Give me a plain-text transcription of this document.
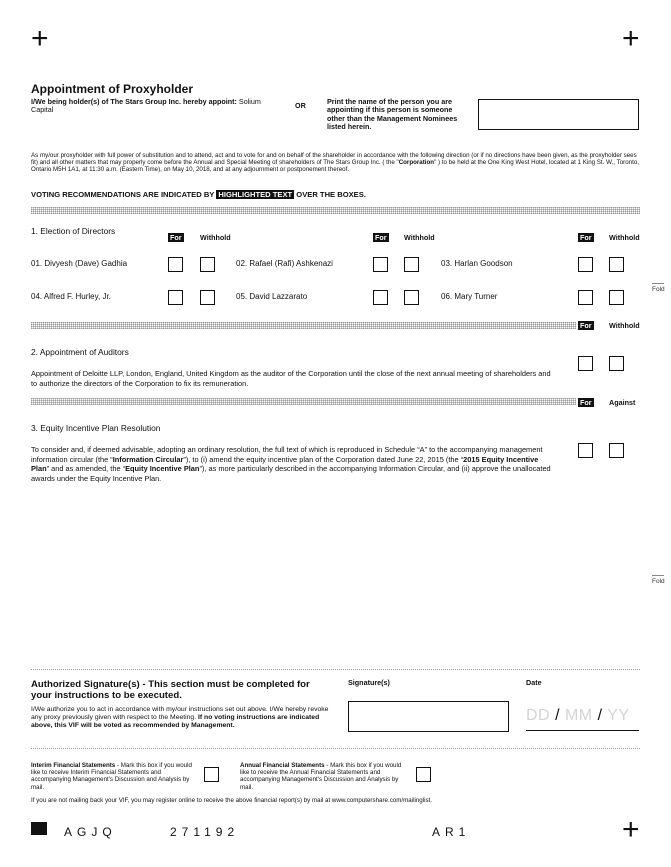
+	+
+
Appointment of Proxyholder
I/We being holder(s) of The Stars Group Inc. hereby appoint: Solium Capital	OR	Print the name of the person you are appointing if this person is someone other than the Management Nominees listed herein.
As my/our proxyholder with full power of substitution and to attend, act and to vote for and on behalf of the shareholder in accordance with the following direction (or if no directions have been given, as the proxyholder sees fit) and all other matters that may properly come before the Annual and Special Meeting of shareholders of The Stars Group Inc. ( the "Corporation" ) to be held at the One King West Hotel, located at 1 King St. W., Toronto, Ontario M5H 1A1, at 11:30 a.m. (Eastern Time), on May 10, 2018, and at any adjournment or postponement thereof.
VOTING RECOMMENDATIONS ARE INDICATED BY HIGHLIGHTED TEXT OVER THE BOXES.
1. Election of Directors
For	Withhold	For Withhold	For Withhold
01. Divyesh (Dave) Gadhia	02. Rafael (Rafi) Ashkenazi	03. Harlan Goodson
04. Alfred F. Hurley, Jr.	05. David Lazzarato	06. Mary Turner
Fold
For Withhold
2. Appointment of Auditors
Appointment of Deloitte LLP, London, England, United Kingdom as the auditor of the Corporation until the close of the next annual meeting of shareholders and to authorize the directors of the Corporation to fix its remuneration.
For Against
3. Equity Incentive Plan Resolution
To consider and, if deemed advisable, adopting an ordinary resolution, the full text of which is reproduced in Schedule “A” to the accompanying management information circular (the “Information Circular”), to (i) amend the equity incentive plan of the Corporation dated June 22, 2015 (the “2015 Equity Incentive Plan” and as amended, the “Equity Incentive Plan”), as more particularly described in the accompanying Information Circular, and (ii) approve the unallocated awards under the Equity Incentive Plan.
Fold
Authorized Signature(s) - This section must be completed for your instructions to be executed.
I/We authorize you to act in accordance with my/our instructions set out above. I/We hereby revoke any proxy previously given with respect to the Meeting. If no voting instructions are indicated above, this VIF will be voted as recommended by Management.
Signature(s)	Date
DD / MM / YY
Interim Financial Statements - Mark this box if you would like to receive Interim Financial Statements and accompanying Management's Discussion and Analysis by mail.
Annual Financial Statements - Mark this box if you would like to receive the Annual Financial Statements and accompanying Management's Discussion and Analysis by mail.
If you are not mailing back your VIF, you may register online to receive the above financial report(s) by mail at www.computershare.com/mailinglist.
AGJQ	271192	AR1
